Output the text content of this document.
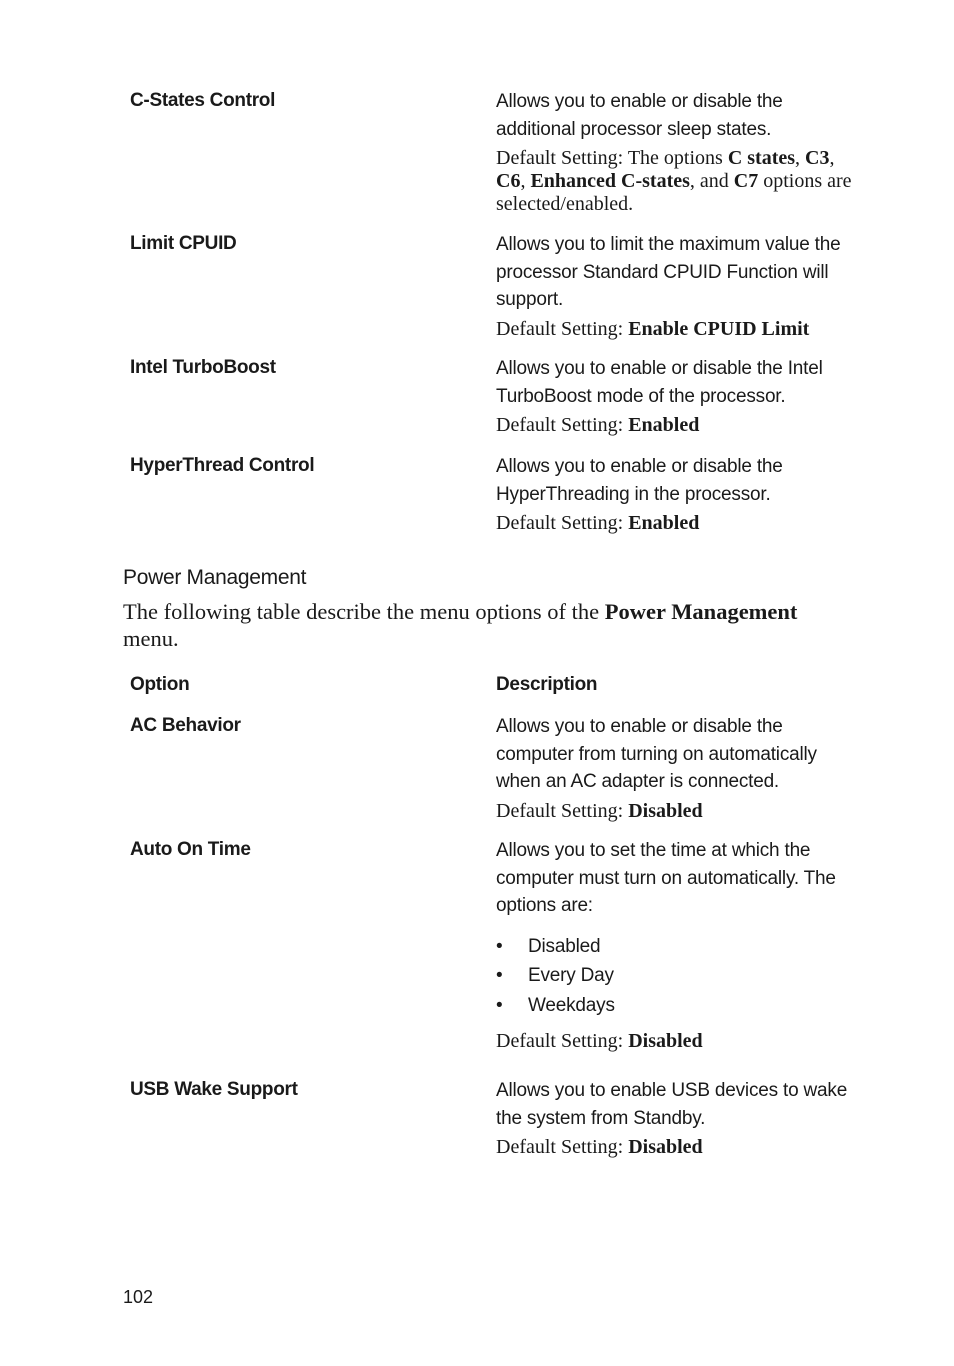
C-States Control	Allows you to enable or disable the additional processor sleep states.

Default Setting: The options C states, C3, C6, Enhanced C-states, and C7 options are selected/enabled.

Limit CPUID	Allows you to limit the maximum value the processor Standard CPUID Function will support.

Default Setting: Enable CPUID Limit

Intel TurboBoost	Allows you to enable or disable the Intel TurboBoost mode of the processor.

Default Setting: Enabled

HyperThread Control	Allows you to enable or disable the HyperThreading in the processor.

Default Setting: Enabled

Power Management

The following table describe the menu options of the Power Management menu.

Option	Description

AC Behavior	Allows you to enable or disable the computer from turning on automatically when an AC adapter is connected.

Default Setting: Disabled

Auto On Time	Allows you to set the time at which the computer must turn on automatically. The options are:

• Disabled
• Every Day
• Weekdays

Default Setting: Disabled

USB Wake Support	Allows you to enable USB devices to wake the system from Standby.

Default Setting: Disabled

102
